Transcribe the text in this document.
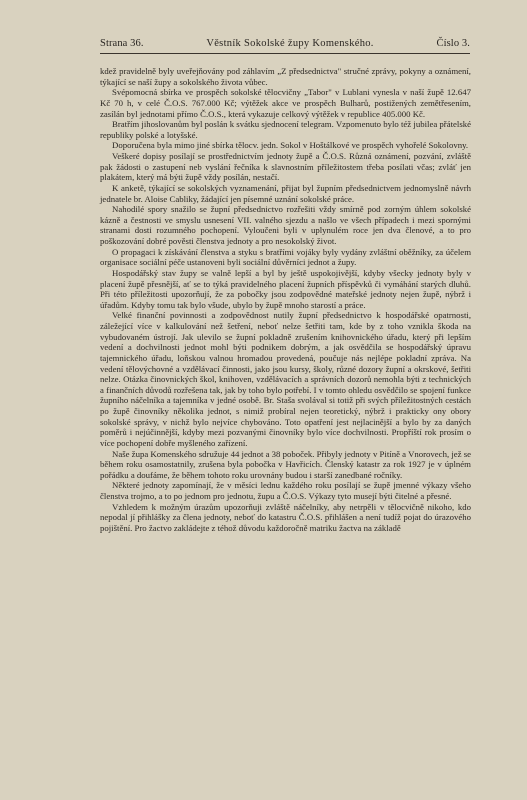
Strana 36.	Věstník Sokolské župy Komenského.	Číslo 3.

kdež pravidelně byly uveřejňovány pod záhlavím „Z předsednictva" stručné zprávy, pokyny a oznámení, týkající se naší župy a sokolského života vůbec.

Svépomocná sbírka ve prospěch sokolské tělocvičny „Tabor" v Lublani vynesla v naší župě 12.647 Kč 70 h, v celé Č.O.S. 767.000 Kč; výtěžek akce ve prospěch Bulharů, postižených zemětřesením, zasílán byl jednotami přímo Č.O.S., která vykazuje celkový výtěžek v republice 405.000 Kč.

Bratřím jihoslovanům byl poslán k svátku sjednocení telegram. Vzpomenuto bylo též jubilea přátelské republiky polské a lotyšské.

Doporučena byla mimo jiné sbírka tělocv. jedn. Sokol v Hoštálkové ve prospěch vyhořelé Sokolovny.

Veškeré dopisy posílají se prostřednictvím jednoty župě a Č.O.S. Různá oznámení, pozvání, zvláště pak žádosti o zastupení neb vyslání řečníka k slavnostním příležitostem třeba posílati včas; zvláť jen plakátem, který má býti župě vždy posílán, nestačí.

K anketě, týkající se sokolských vyznamenání, přijat byl župním předsednictvem jednomyslně návrh jednatele br. Aloise Cabliky, žádající jen písemné uznání sokolské práce.

Nahodilé spory snažilo se župní předsednictvo rozřešiti vždy smírně pod zorným úhlem sokolské kázně a čestnosti ve smyslu usnesení VII. valného sjezdu a našlo ve všech případech i mezi spornými stranami dosti rozumného pochopení. Vyloučeni byli v uplynulém roce jen dva členové, a to pro poškozování dobré pověsti členstva jednoty a pro nesokolský život.

O propagaci k získávání členstva a styku s bratřími vojáky byly vydány zvláštní oběžníky, za účelem organisace sociální péče ustanoveni byli sociální důvěrníci jednot a župy.

Hospodářský stav župy se valně lepší a byl by ještě uspokojivější, kdyby všecky jednoty byly v placení župě přesnější, ať se to týká pravidelného placení župních příspěvků či vymáhání starých dluhů. Při této příležitosti upozorňují, že za pobočky jsou zodpovědné mateřské jednoty nejen župě, nýbrž i úřadům. Kdyby tomu tak bylo všude, ubylo by župě mnoho starostí a práce.

Velké finanční povinnosti a zodpovědnost nutily župní předsednictvo k hospodářské opatrnosti, záležející více v kalkulování než šetření, neboť nelze šetřiti tam, kde by z toho vznikla škoda na vybudovaném ústrojí. Jak ulevilo se župní pokladně zrušením knihovnického úřadu, který při lepším vedení a dochvilnosti jednot mohl býti podnikem dobrým, a jak osvědčila se hospodářský úpravu tajemnického úřadu, loňskou valnou hromadou provedená, poučuje nás nejlépe pokladní zpráva. Na vedení tělovýchovné a vzdělávací činnosti, jako jsou kursy, školy, různé dozory župní a okrskové, šetřiti nelze. Otázka činovnických škol, knihoven, vzdělávacích a správních dozorů nemohla býti z technických a finančních důvodů rozřešena tak, jak by toho bylo potřebí. I v tomto ohledu osvědčilo se spojení funkce župního náčelníka a tajemníka v jedné osobě. Br. Staša svolával si totiž při svých příležitostných cestách po župě činovníky několika jednot, s nimiž probíral nejen teoretický, nýbrž i prakticky ony obory sokolské správy, v nichž bylo nejvíce chybováno. Toto opatření jest nejlacinější a bylo by za daných poměrů i nejúčinnější, kdyby mezi pozvanými činovníky bylo více dochvilnosti. Propříští rok prosím o více pochopení dobře myšleného zařízení.

Naše župa Komenského sdružuje 44 jednot a 38 poboček. Přibyly jednoty v Pitíně a Vnorovech, jež se během roku osamostatnily, zrušena byla pobočka v Havřicích. Členský katastr za rok 1927 je v úplném pořádku a doufáme, že během tohoto roku urovnány budou i starší zanedbané ročníky.

Některé jednoty zapomínají, že v měsíci lednu každého roku posílají se župě jmenné výkazy všeho členstva trojmo, a to po jednom pro jednotu, župu a Č.O.S. Výkazy tyto musejí býti čitelné a přesné.

Vzhledem k možným úrazům upozorňuji zvláště náčelníky, aby netrpěli v tělocvičně nikoho, kdo nepodal jí přihlášky za člena jednoty, neboť do katastru Č.O.S. přihlášen a není tudíž pojat do úrazového pojištění. Pro žactvo zakládejte z téhož důvodu každoročně matriku žactva na základě
